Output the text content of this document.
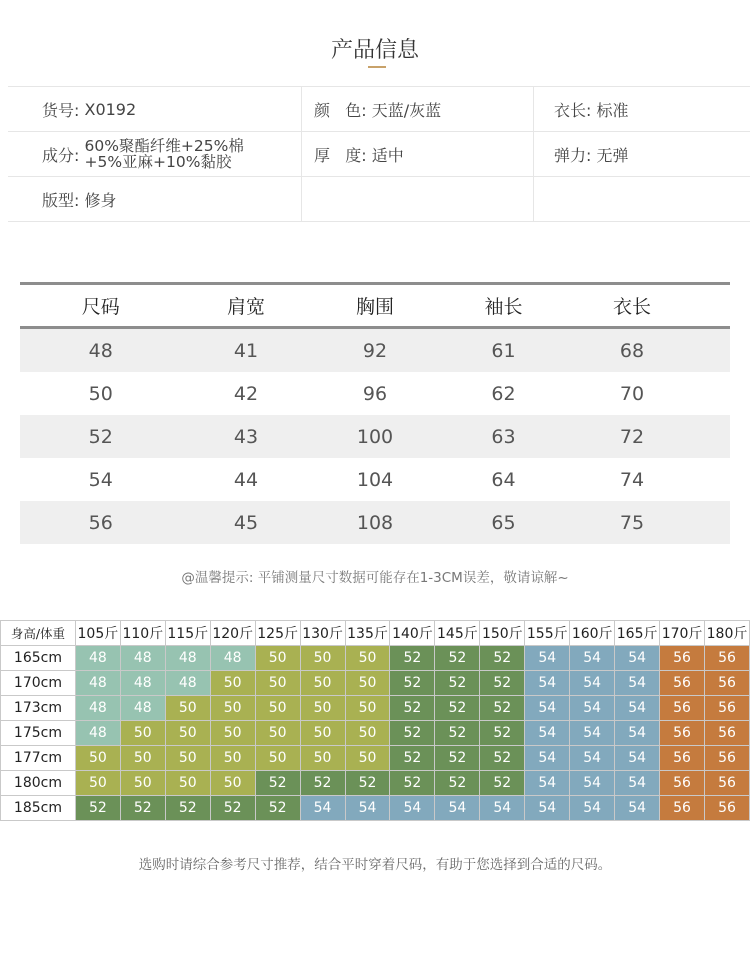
产品信息
货号: X0192	颜   色: 天蓝/灰蓝	衣长: 标准
成分: 60%聚酯纤维+25%棉
+5%亚麻+10%黏胶	厚   度: 适中	弹力: 无弹
版型: 修身
尺码	肩宽	胸围	袖长	衣长
48	41	92	61	68
50	42	96	62	70
52	43	100	63	72
54	44	104	64	74
56	45	108	65	75
@温馨提示: 平铺测量尺寸数据可能存在1-3CM误差，敬请谅解~
身高/体重	105斤	110斤	115斤	120斤	125斤	130斤	135斤	140斤	145斤	150斤	155斤	160斤	165斤	170斤	180斤
165cm	48	48	48	48	50	50	50	52	52	52	54	54	54	56	56
170cm	48	48	48	50	50	50	50	52	52	52	54	54	54	56	56
173cm	48	48	50	50	50	50	50	52	52	52	54	54	54	56	56
175cm	48	50	50	50	50	50	50	52	52	52	54	54	54	56	56
177cm	50	50	50	50	50	50	50	52	52	52	54	54	54	56	56
180cm	50	50	50	50	52	52	52	52	52	52	54	54	54	56	56
185cm	52	52	52	52	52	54	54	54	54	54	54	54	54	56	56
选购时请综合参考尺寸推荐，结合平时穿着尺码，有助于您选择到合适的尺码。
